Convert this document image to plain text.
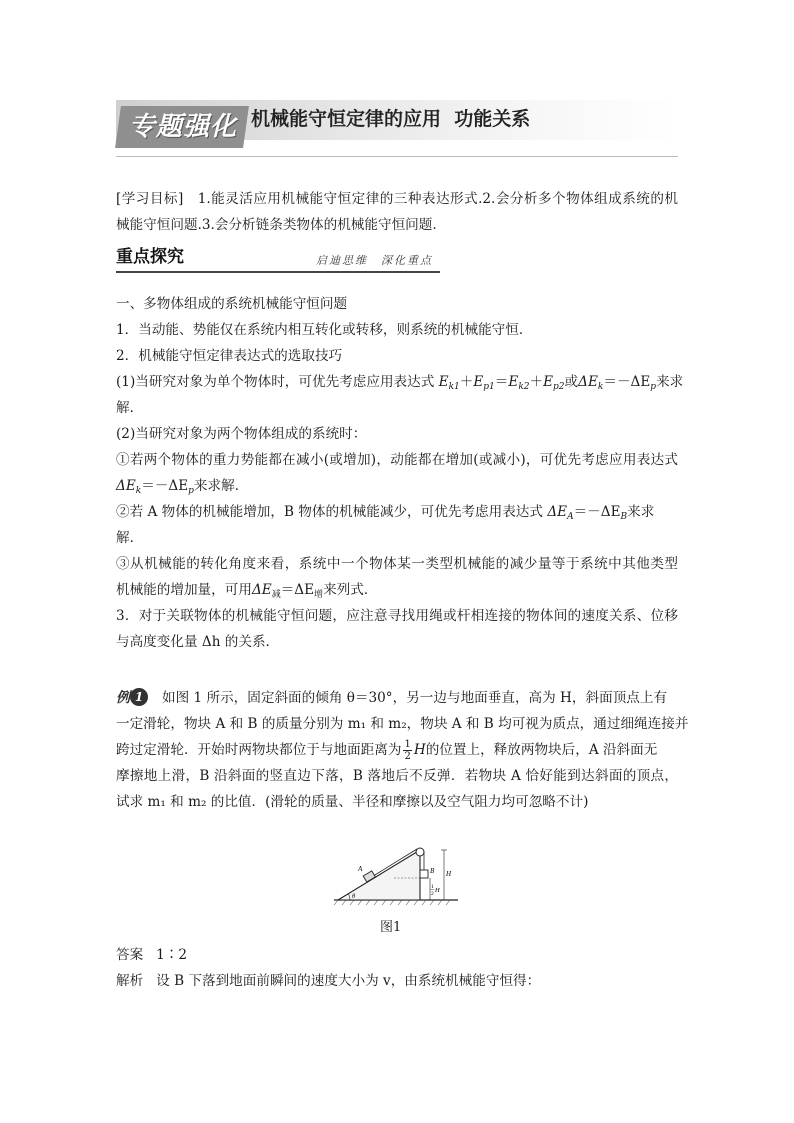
专题强化 机械能守恒定律的应用  功能关系
[学习目标]　1.能灵活应用机械能守恒定律的三种表达形式.2.会分析多个物体组成系统的机
械能守恒问题.3.会分析链条类物体的机械能守恒问题.
重点探究	启迪思维　深化重点
一、多物体组成的系统机械能守恒问题
1．当动能、势能仅在系统内相互转化或转移，则系统的机械能守恒．
2．机械能守恒定律表达式的选取技巧
(1)当研究对象为单个物体时，可优先考虑应用表达式 $E_{k1}+E_{p1}=E_{k2}+E_{p2}$或$\Delta E_k=-\Delta E_p$来求
解．
(2)当研究对象为两个物体组成的系统时：
①若两个物体的重力势能都在减小(或增加)，动能都在增加(或减小)，可优先考虑应用表达式
$\Delta E_k=-\Delta E_p$来求解．
②若 A 物体的机械能增加，B 物体的机械能减少，可优先考虑用表达式 $\Delta E_A=-\Delta E_B$来求
解．
③从机械能的转化角度来看，系统中一个物体某一类型机械能的减少量等于系统中其他类型
机械能的增加量，可用$\Delta E_减=\Delta E_增$来列式．
3．对于关联物体的机械能守恒问题，应注意寻找用绳或杆相连接的物体间的速度关系、位移
与高度变化量 Δh 的关系．
例 1 如图 1 所示，固定斜面的倾角 θ＝30°，另一边与地面垂直，高为 H，斜面顶点上有
一定滑轮，物块 A 和 B 的质量分别为 m₁ 和 m₂，物块 A 和 B 均可视为质点，通过细绳连接并
跨过定滑轮．开始时两物块都位于与地面距离为 $\frac{1}{2}$ H的位置上，释放两物块后，A 沿斜面无
摩擦地上滑，B 沿斜面的竖直边下落，B 落地后不反弹．若物块 A 恰好能到达斜面的顶点，
试求 m₁ 和 m₂ 的比值．(滑轮的质量、半径和摩擦以及空气阻力均可忽略不计)
A	B
1
2 H
H
θ
图1
答案 1∶2
解析 设 B 下落到地面前瞬间的速度大小为 v，由系统机械能守恒得：
